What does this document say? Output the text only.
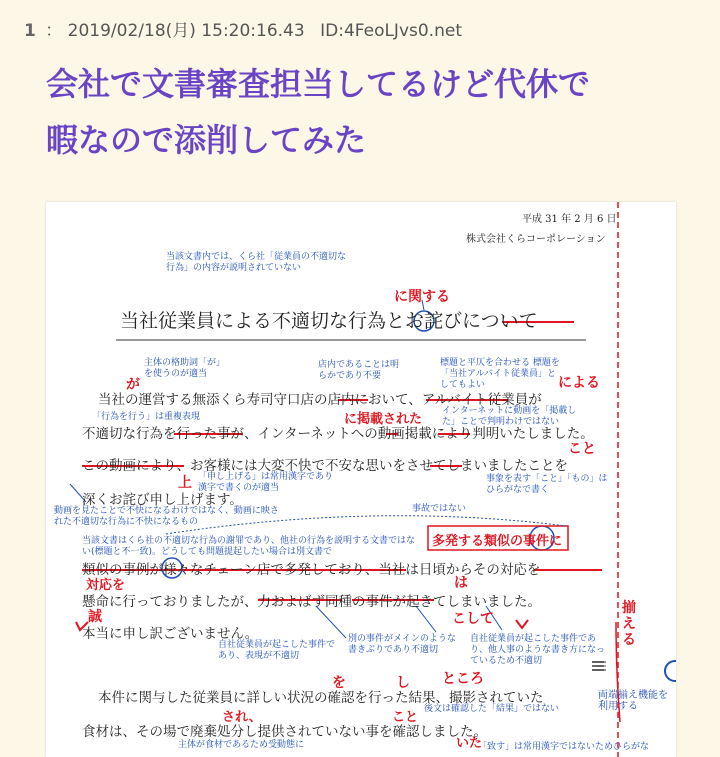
1 ： 2019/02/18(月) 15:20:16.43 ID:4FeoLJvs0.net
会社で文書審査担当してるけど代休で
暇なので添削してみた
平成 31 年 2 月 6 日
株式会社くらコーポレーション
当社従業員による不適切な行為とお詫びについて
当社の運営する無添くら寿司守口店の店内において、アルバイト従業員が
不適切な行為を行った事が、インターネットへの動画掲載により判明いたしました。
この動画により、お客様には大変不快で不安な思いをさせてしまいましたことを
深くお詫び申し上げます。
類似の事例が様々なチェーン店で多発しており、当社は日頃からその対応を
懸命に行っておりましたが、力およばず同種の事件が起きてしまいました。
本当に申し訳ございません。
本件に関与した従業員に詳しい状況の確認を行った結果、撮影されていた
食材は、その場で廃棄処分し提供されていない事を確認しました。
当該文書内では、くら社「従業員の不適切な行為」の内容が説明されていない
主体の格助詞「が」を使うのが適当
店内であることは明らかであり不要
標題と平仄を合わせる 標題を「当社アルバイト従業員」としてもよい
インターネットに動画を「掲載した」ことで判明わけではない
「行為を行う」は重複表現
「申し上げる」は常用漢字であり漢字で書くのが適当
事象を表す「こと」「もの」はひらがなで書く
動画を見たことで不快になるわけではなく、動画に映された不適切な行為に不快になるもの
事故ではない
当該文書はくら社の不適切な行為の謝罪であり、他社の行為を説明する文書ではない(標題と不一致)。どうしても問題提起したい場合は別文書で
自社従業員が起こした事件であり、表現が不適切
別の事件がメインのような書きぶりであり不適切
自社従業員が起こした事件であり、他人事のような書き方になっているため不適切
後文は確認した「結果」ではない
主体が食材であるため受動態に	「致す」は常用漢字ではないためひらがな
両端揃え機能を利用する
に関する
が
に掲載された
による
こと
上
多発する類似の事件に
対応を	は
こして
誠
揃える
を	し ところ
され、	こと
いた
